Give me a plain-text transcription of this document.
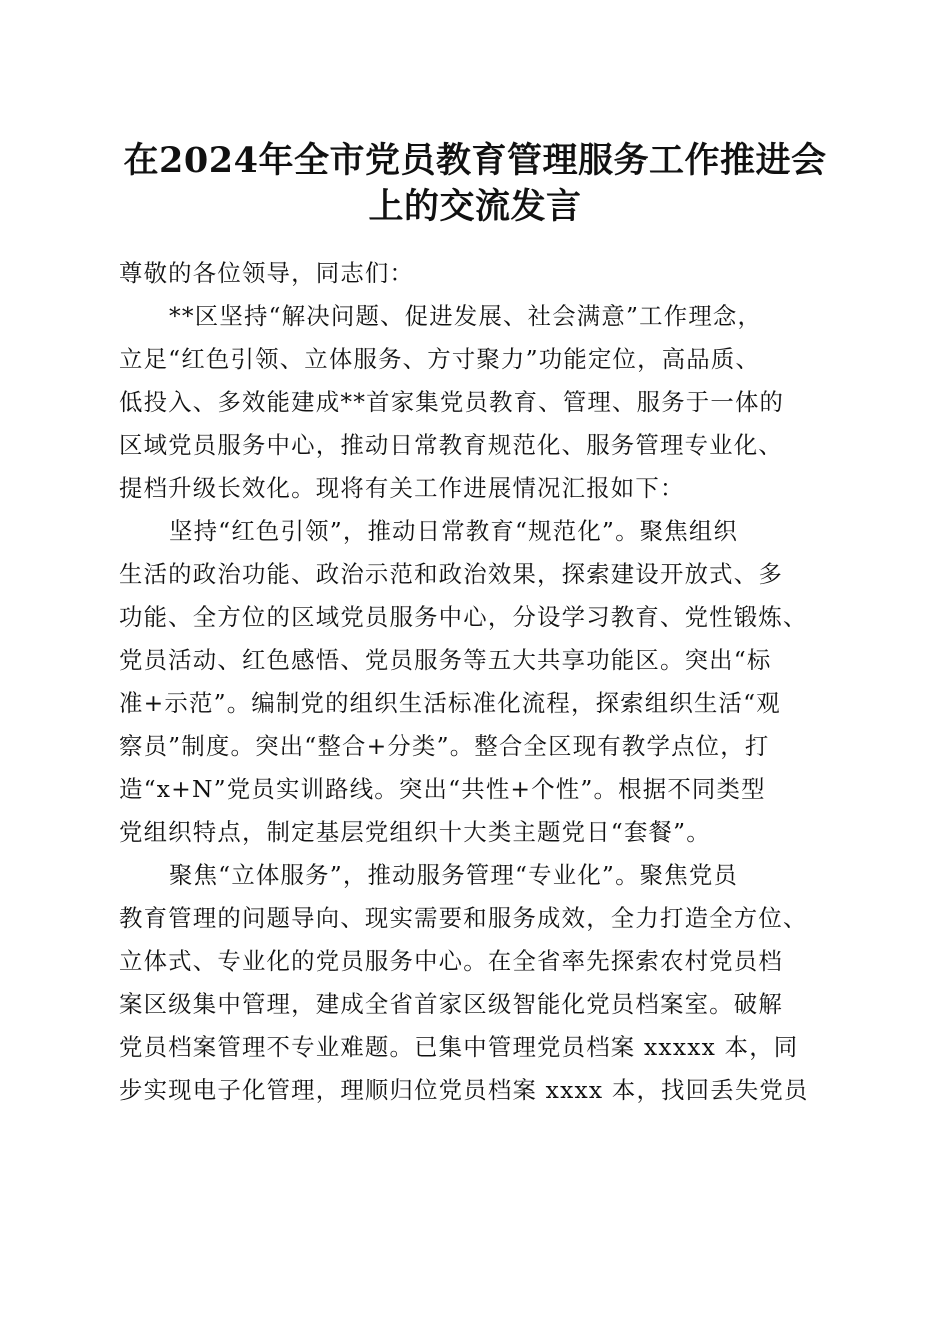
在2024年全市党员教育管理服务工作推进会
上的交流发言
尊敬的各位领导，同志们：
**区坚持“解决问题、促进发展、社会满意”工作理念，
立足“红色引领、立体服务、方寸聚力”功能定位，高品质、
低投入、多效能建成**首家集党员教育、管理、服务于一体的
区域党员服务中心，推动日常教育规范化、服务管理专业化、
提档升级长效化。现将有关工作进展情况汇报如下：
坚持“红色引领”，推动日常教育“规范化”。聚焦组织
生活的政治功能、政治示范和政治效果，探索建设开放式、多
功能、全方位的区域党员服务中心，分设学习教育、党性锻炼、
党员活动、红色感悟、党员服务等五大共享功能区。突出“标
准+示范”。编制党的组织生活标准化流程，探索组织生活“观
察员”制度。突出“整合+分类”。整合全区现有教学点位，打
造“x+N”党员实训路线。突出“共性+个性”。根据不同类型
党组织特点，制定基层党组织十大类主题党日“套餐”。
聚焦“立体服务”，推动服务管理“专业化”。聚焦党员
教育管理的问题导向、现实需要和服务成效，全力打造全方位、
立体式、专业化的党员服务中心。在全省率先探索农村党员档
案区级集中管理，建成全省首家区级智能化党员档案室。破解
党员档案管理不专业难题。已集中管理党员档案 xxxxx 本，同
步实现电子化管理，理顺归位党员档案 xxxx 本，找回丢失党员
